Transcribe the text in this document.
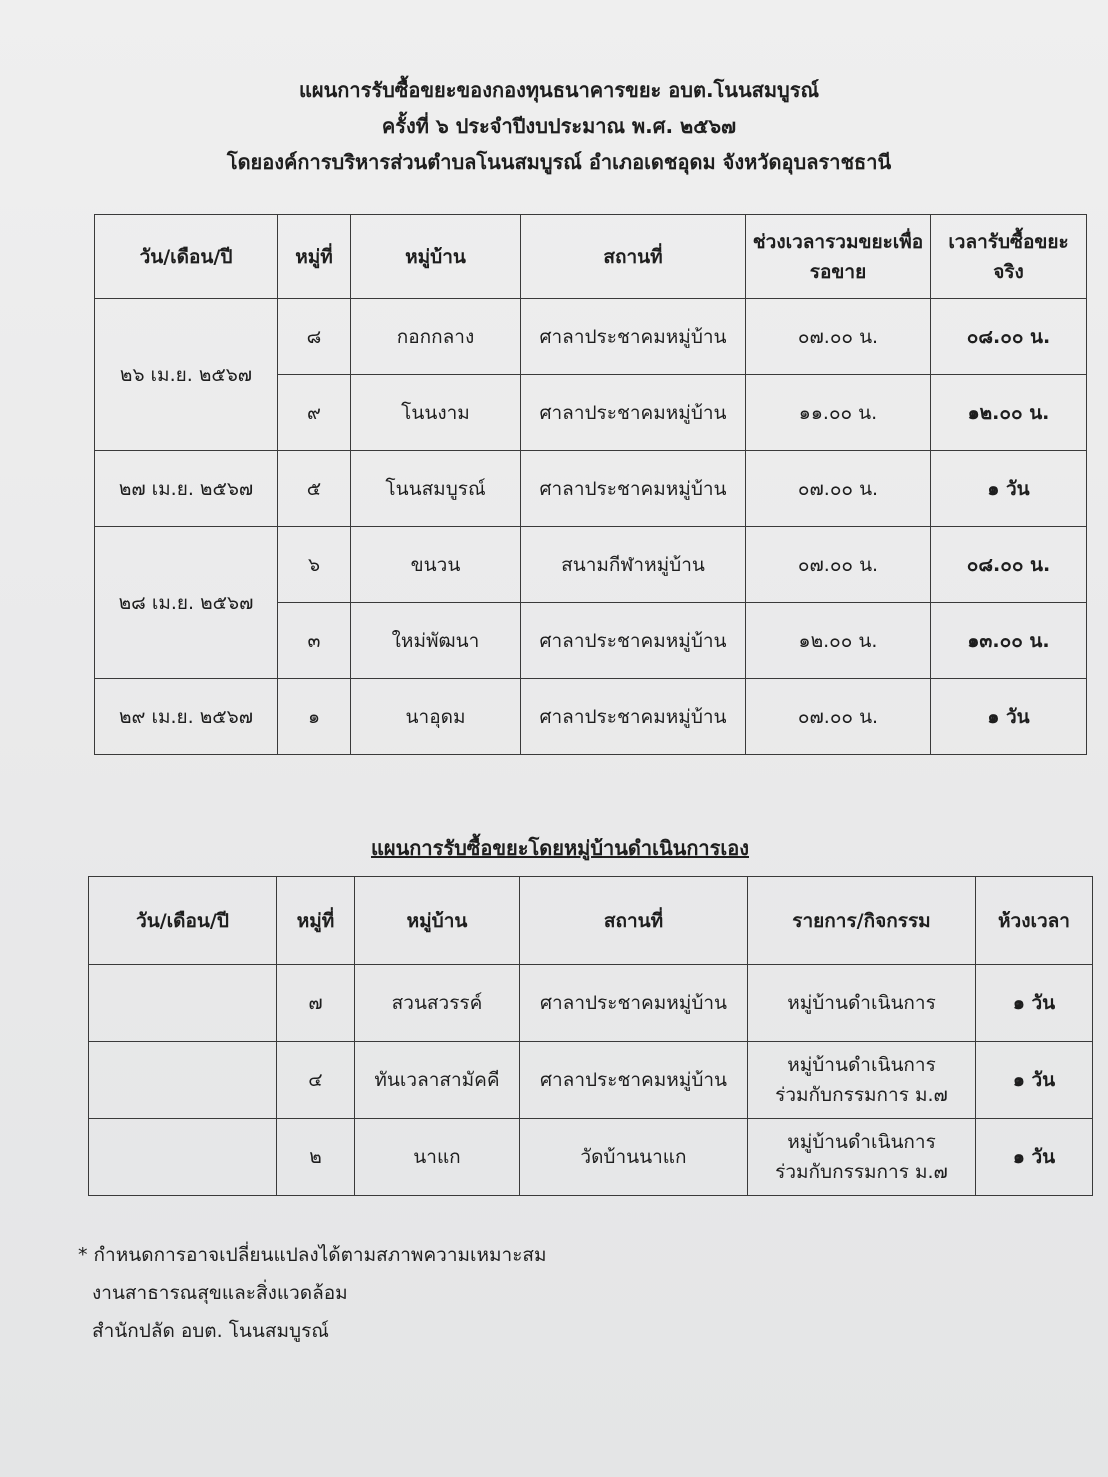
แผนการรับซื้อขยะของกองทุนธนาคารขยะ อบต.โนนสมบูรณ์
ครั้งที่ ๖ ประจำปีงบประมาณ พ.ศ. ๒๕๖๗
โดยองค์การบริหารส่วนตำบลโนนสมบูรณ์ อำเภอเดชอุดม จังหวัดอุบลราชธานี
วัน/เดือน/ปี	หมู่ที่	หมู่บ้าน	สถานที่	ช่วงเวลารวมขยะเพื่อรอขาย	เวลารับซื้อขยะจริง
๒๖ เม.ย. ๒๕๖๗	๘	กอกกลาง	ศาลาประชาคมหมู่บ้าน	๐๗.๐๐ น.	๐๘.๐๐ น.
	๙	โนนงาม	ศาลาประชาคมหมู่บ้าน	๑๑.๐๐ น.	๑๒.๐๐ น.
๒๗ เม.ย. ๒๕๖๗	๕	โนนสมบูรณ์	ศาลาประชาคมหมู่บ้าน	๐๗.๐๐ น.	๑ วัน
๒๘ เม.ย. ๒๕๖๗	๖	ขนวน	สนามกีฬาหมู่บ้าน	๐๗.๐๐ น.	๐๘.๐๐ น.
	๓	ใหม่พัฒนา	ศาลาประชาคมหมู่บ้าน	๑๒.๐๐ น.	๑๓.๐๐ น.
๒๙ เม.ย. ๒๕๖๗	๑	นาอุดม	ศาลาประชาคมหมู่บ้าน	๐๗.๐๐ น.	๑ วัน
แผนการรับซื้อขยะโดยหมู่บ้านดำเนินการเอง
วัน/เดือน/ปี	หมู่ที่	หมู่บ้าน	สถานที่	รายการ/กิจกรรม	ห้วงเวลา
	๗	สวนสวรรค์	ศาลาประชาคมหมู่บ้าน	หมู่บ้านดำเนินการ	๑ วัน
	๔	ทันเวลาสามัคคี	ศาลาประชาคมหมู่บ้าน	หมู่บ้านดำเนินการ
ร่วมกับกรรมการ ม.๗	๑ วัน
	๒	นาแก	วัดบ้านนาแก	หมู่บ้านดำเนินการ
ร่วมกับกรรมการ ม.๗	๑ วัน
* กำหนดการอาจเปลี่ยนแปลงได้ตามสภาพความเหมาะสม
งานสาธารณสุขและสิ่งแวดล้อม
สำนักปลัด อบต. โนนสมบูรณ์
